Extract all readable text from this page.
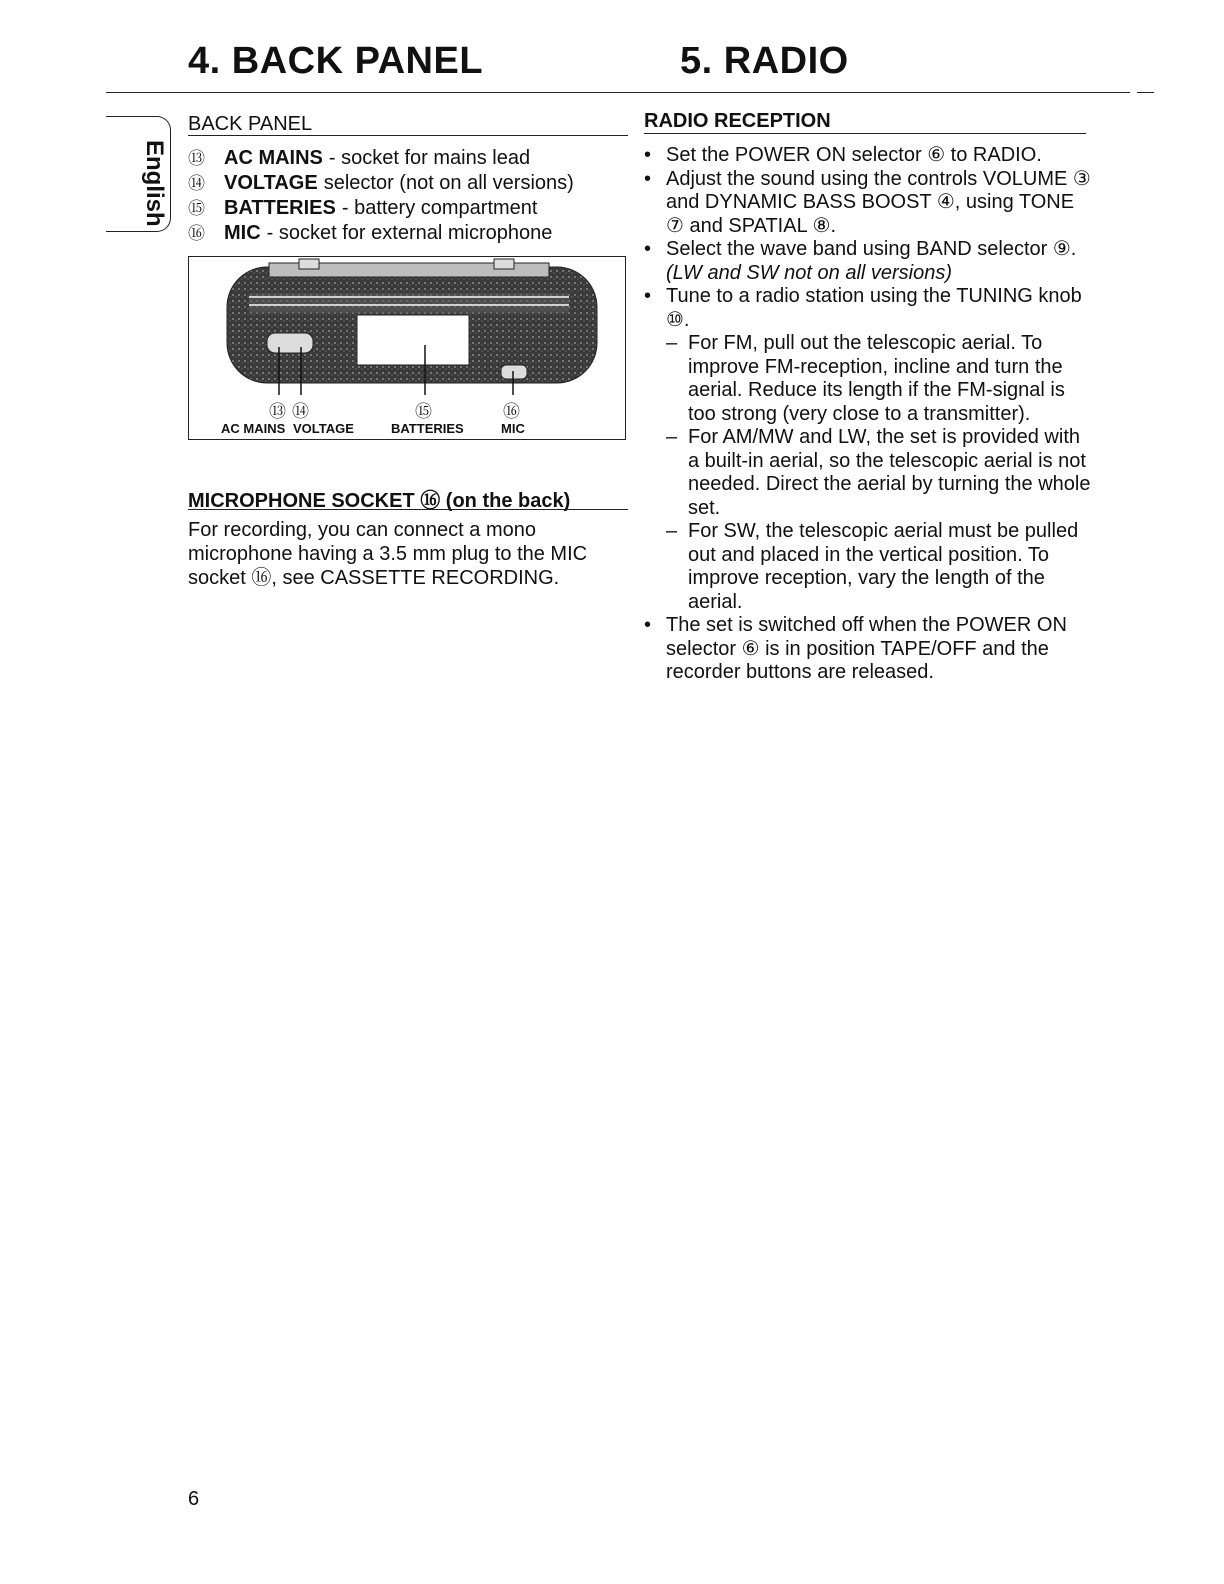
4. BACK PANEL	5. RADIO
English
BACK PANEL
⑬ AC MAINS - socket for mains lead
⑭ VOLTAGE selector (not on all versions)
⑮ BATTERIES - battery compartment
⑯ MIC - socket for external microphone
⑬ ⑭	⑮	⑯
AC MAINS VOLTAGE	BATTERIES	MIC
MICROPHONE SOCKET ⑯ (on the back)
For recording, you can connect a mono
microphone having a 3.5 mm plug to the MIC
socket ⑯, see CASSETTE RECORDING.
RADIO RECEPTION
• Set the POWER ON selector ⑥ to RADIO.
• Adjust the sound using the controls VOLUME ③ and DYNAMIC BASS BOOST ④, using TONE ⑦ and SPATIAL ⑧.
• Select the wave band using BAND selector ⑨.
(LW and SW not on all versions)
• Tune to a radio station using the TUNING knob ⑩.
– For FM, pull out the telescopic aerial. To improve FM-reception, incline and turn the aerial. Reduce its length if the FM-signal is too strong (very close to a transmitter).
– For AM/MW and LW, the set is provided with a built-in aerial, so the telescopic aerial is not needed. Direct the aerial by turning the whole set.
– For SW, the telescopic aerial must be pulled out and placed in the vertical position. To improve reception, vary the length of the aerial.
• The set is switched off when the POWER ON selector ⑥ is in position TAPE/OFF and the recorder buttons are released.
6
